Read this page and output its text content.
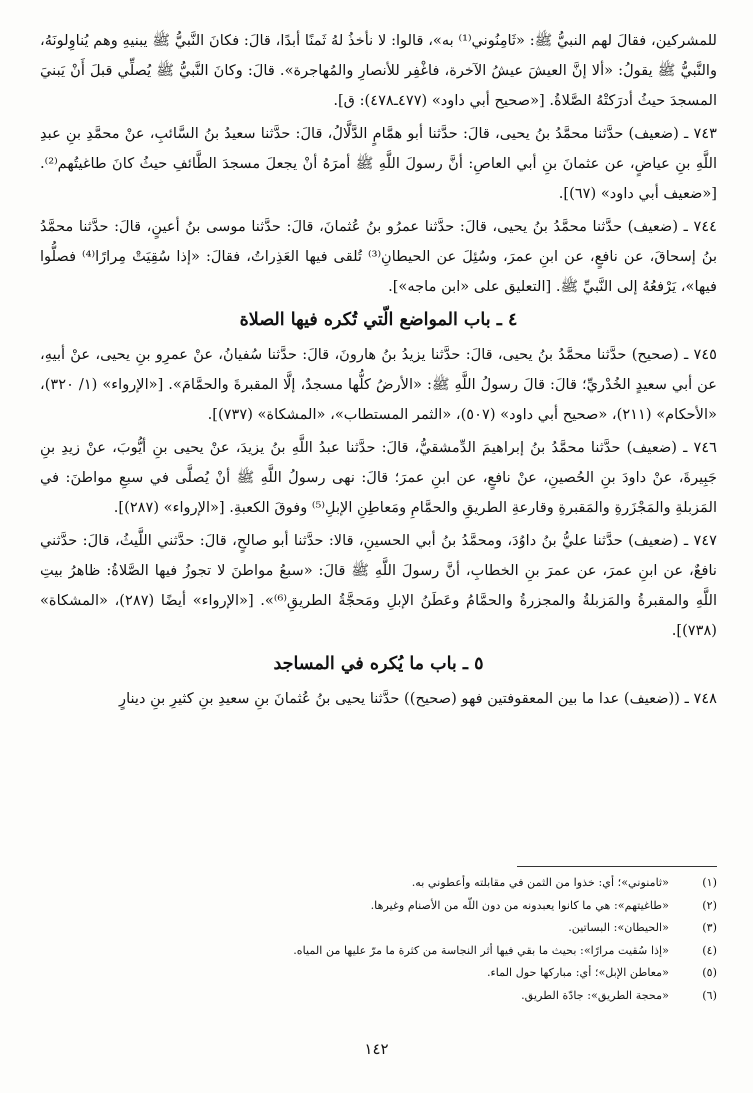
للمشركين، فقالَ لهم النبيُّ ﷺ: «ثَامِنُوني⁽¹⁾ به»، قالوا: لا نأخذُ لهُ ثَمنًا أبدًا، قالَ: فكانَ النَّبيُّ ﷺ يبنيهِ وهم يُناوِلونَهُ، والنَّبيُّ ﷺ يقولُ: «ألا إنَّ العيشَ عيشُ الآخرة، فاغْفِر للأنصارِ والمُهاجرة». قالَ: وكانَ النَّبيُّ ﷺ يُصلِّي قبلَ أَنْ يَبنيَ المسجدَ حيثُ أدرَكتْهُ الصَّلاةُ. [«صحيح أبي داود» (٤٧٧ـ٤٧٨): ق].

٧٤٣ ـ (ضعيف) حدَّثنا محمَّدُ بنُ يحيى، قالَ: حدَّثنا أبو همَّامٍ الدَّلَّالُ، قالَ: حدَّثنا سعيدُ بنُ السَّائبِ، عنْ محمَّدِ بنِ عبدِ اللَّهِ بنِ عياضٍ، عن عثمانَ بنِ أبي العاصِ: أنَّ رسولَ اللَّهِ ﷺ أمرَهُ أنْ يجعلَ مسجدَ الطَّائفِ حيثُ كانَ طاغيتُهم⁽²⁾. [«ضعيف أبي داود» (٦٧)].

٧٤٤ ـ (ضعيف) حدَّثنا محمَّدُ بنُ يحيى، قالَ: حدَّثنا عمرُو بنُ عُثمانَ، قالَ: حدَّثنا موسى بنُ أعينٍ، قالَ: حدَّثنا محمَّدُ بنُ إسحاقَ، عن نافعٍ، عن ابنِ عمرَ، وسُئِلَ عن الحيطانِ⁽³⁾ تُلقى فيها العَذِراتُ، فقالَ: «إذا سُقِيَتْ مِرارًا⁽⁴⁾ فصلُّوا فيها»، يَرْفعُهُ إلى النَّبيِّ ﷺ. [التعليق على «ابن ماجه»].

٤ ـ باب المواضع الّتي تُكره فيها الصلاة

٧٤٥ ـ (صحيح) حدَّثنا محمَّدُ بنُ يحيى، قالَ: حدَّثنا يزيدُ بنُ هارونَ، قالَ: حدَّثنا سُفيانُ، عنْ عمرِو بنِ يحيى، عنْ أبيهِ، عن أبي سعيدٍ الخُدْريِّ؛ قالَ: قالَ رسولُ اللَّهِ ﷺ: «الأرضُ كلُّها مسجدٌ، إلَّا المقبرةَ والحمَّامَ». [«الإرواء» (١/ ٣٢٠)، «الأحكام» (٢١١)، «صحيح أبي داود» (٥٠٧)، «الثمر المستطاب»، «المشكاة» (٧٣٧)].

٧٤٦ ـ (ضعيف) حدَّثنا محمَّدُ بنُ إبراهيمَ الدِّمشقيُّ، قالَ: حدَّثنا عبدُ اللَّهِ بنُ يزيدَ، عنْ يحيى بنِ أيُّوبَ، عنْ زيدِ بنِ جَبِيرةَ، عنْ داودَ بنِ الحُصينِ، عنْ نافعٍ، عن ابنِ عمرَ؛ قالَ: نهى رسولُ اللَّهِ ﷺ أنْ يُصلَّى في سبعِ مواطنَ: في المَزبلةِ والمَجْزَرةِ والمَقبرةِ وقارعةِ الطريقِ والحمَّامِ ومَعاطِنِ الإبلِ⁽⁵⁾ وفوقَ الكعبةِ. [«الإرواء» (٢٨٧)].

٧٤٧ ـ (ضعيف) حدَّثنا عليُّ بنُ داوُدَ، ومحمَّدُ بنُ أبي الحسينِ، قالا: حدَّثنا أبو صالحٍ، قالَ: حدَّثني اللَّيثُ، قالَ: حدَّثني نافعٌ، عن ابنِ عمرَ، عن عمرَ بنِ الخطابِ، أنَّ رسولَ اللَّهِ ﷺ قالَ: «سبعُ مواطنَ لا تجوزُ فيها الصَّلاةُ: ظاهرُ بيتِ اللَّهِ والمقبرةُ والمَزبلةُ والمجزرةُ والحمَّامُ وعَطَنُ الإبلِ ومَحجَّةُ الطريقِ⁽⁶⁾». [«الإرواء» أيضًا (٢٨٧)، «المشكاة» (٧٣٨)].

٥ ـ باب ما يُكره في المساجد

٧٤٨ ـ ((ضعيف) عدا ما بين المعقوفتين فهو (صحيح)) حدَّثنا يحيى بنُ عُثمانَ بنِ سعيدِ بنِ كثيرِ بنِ دينارٍ

(١)
«ثامنوني»؛ أي: خذوا من الثمن في مقابلته وأعطوني به.
(٢)
«طاغيتهم»: هي ما كانوا يعبدونه من دون اللّه من الأصنام وغيرها.
(٣)
«الحيطان»: البساتين.
(٤)
«إذا سُقيت مرارًا»: بحيث ما بقي فيها أثر النجاسة من كثرة ما مرّ عليها من المياه.
(٥)
«معاطن الإبل»؛ أي: مباركها حول الماء.
(٦)
«محجة الطريق»: جادّة الطريق.
١٤٢
